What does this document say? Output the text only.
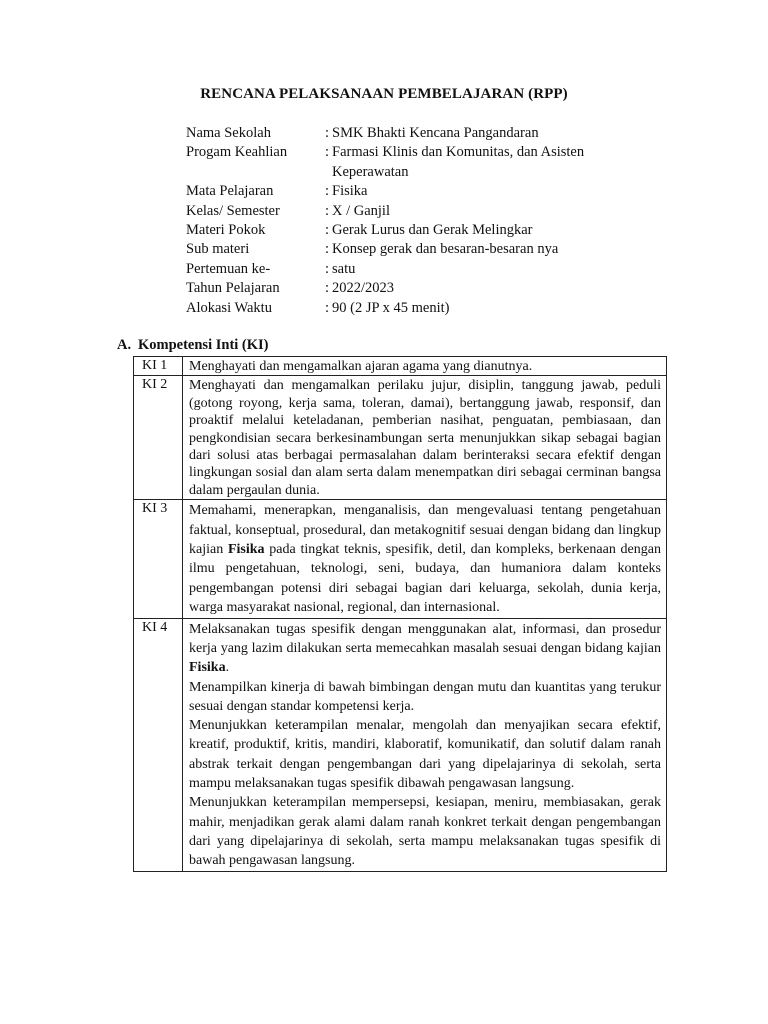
RENCANA PELAKSANAAN PEMBELAJARAN (RPP)
Nama Sekolah	: SMK Bhakti Kencana Pangandaran
Progam Keahlian	: Farmasi Klinis dan Komunitas, dan Asisten
Keperawatan

Mata Pelajaran	: Fisika
Kelas/ Semester	: X / Ganjil
Materi Pokok	: Gerak Lurus dan Gerak Melingkar
Sub materi	: Konsep gerak dan besaran-besaran nya
Pertemuan ke-	: satu
Tahun Pelajaran	: 2022/2023
Alokasi Waktu	: 90 (2 JP x 45 menit)
A. Kompetensi Inti (KI)
KI 1	Menghayati dan mengamalkan ajaran agama yang dianutnya.
KI 2	Menghayati dan mengamalkan perilaku jujur, disiplin, tanggung jawab, peduli (gotong royong, kerja sama, toleran, damai), bertanggung jawab, responsif, dan proaktif melalui keteladanan, pemberian nasihat, penguatan, pembiasaan, dan pengkondisian secara berkesinambungan serta menunjukkan sikap sebagai bagian dari solusi atas berbagai permasalahan dalam berinteraksi secara efektif dengan lingkungan sosial dan alam serta dalam menempatkan diri sebagai cerminan bangsa dalam pergaulan dunia.
KI 3	Memahami, menerapkan, menganalisis, dan mengevaluasi tentang pengetahuan faktual, konseptual, prosedural, dan metakognitif sesuai dengan bidang dan lingkup kajian Fisika pada tingkat teknis, spesifik, detil, dan kompleks, berkenaan dengan ilmu pengetahuan, teknologi, seni, budaya, dan humaniora dalam konteks pengembangan potensi diri sebagai bagian dari keluarga, sekolah, dunia kerja, warga masyarakat nasional, regional, dan internasional.
KI 4	Melaksanakan tugas spesifik dengan menggunakan alat, informasi, dan prosedur kerja yang lazim dilakukan serta memecahkan masalah sesuai dengan bidang kajian Fisika.

Menampilkan kinerja di bawah bimbingan dengan mutu dan kuantitas yang terukur sesuai dengan standar kompetensi kerja.

Menunjukkan keterampilan menalar, mengolah dan menyajikan secara efektif, kreatif, produktif, kritis, mandiri, klaboratif, komunikatif, dan solutif dalam ranah abstrak terkait dengan pengembangan dari yang dipelajarinya di sekolah, serta mampu melaksanakan tugas spesifik dibawah pengawasan langsung.

Menunjukkan keterampilan mempersepsi, kesiapan, meniru, membiasakan, gerak mahir, menjadikan gerak alami dalam ranah konkret terkait dengan pengembangan dari yang dipelajarinya di sekolah, serta mampu melaksanakan tugas spesifik di bawah pengawasan langsung.
